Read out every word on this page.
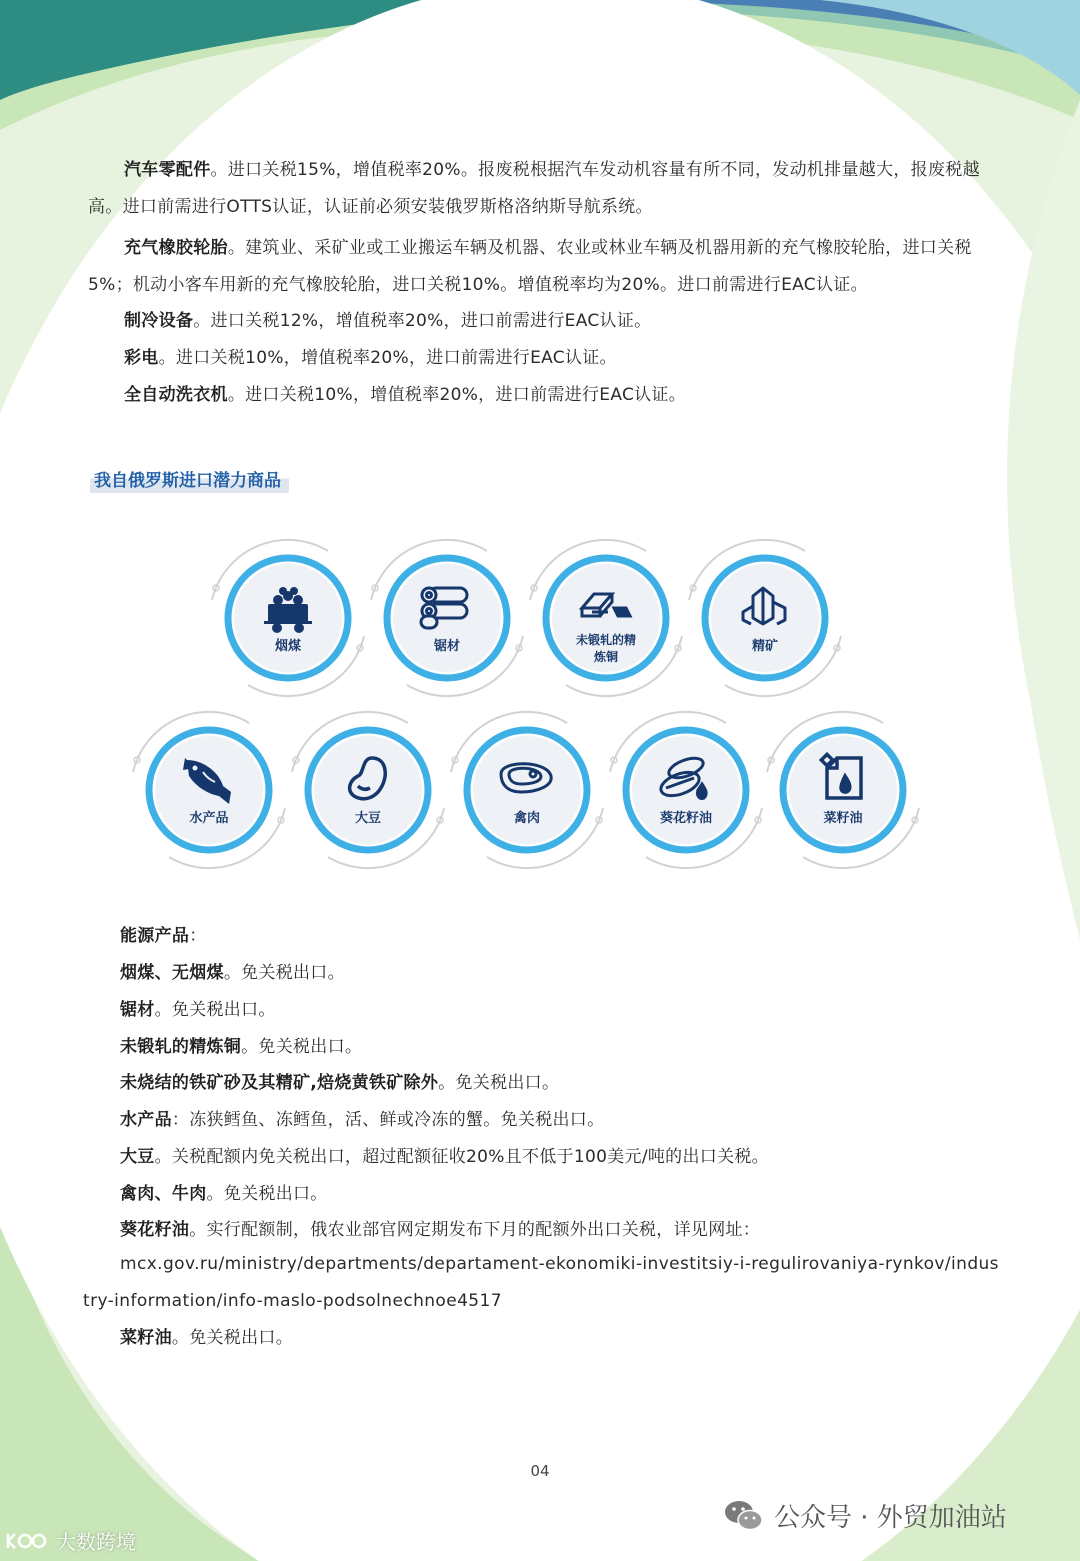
汽车零配件。进口关税15%，增值税率20%。报废税根据汽车发动机容量有所不同，发动机排量越大，报废税越高。进口前需进行OTTS认证，认证前必须安装俄罗斯格洛纳斯导航系统。

充气橡胶轮胎。建筑业、采矿业或工业搬运车辆及机器、农业或林业车辆及机器用新的充气橡胶轮胎，进口关税5%；机动小客车用新的充气橡胶轮胎，进口关税10%。增值税率均为20%。进口前需进行EAC认证。

制冷设备。进口关税12%，增值税率20%，进口前需进行EAC认证。

彩电。进口关税10%，增值税率20%，进口前需进行EAC认证。

全自动洗衣机。进口关税10%，增值税率20%，进口前需进行EAC认证。

我自俄罗斯进口潜力商品
烟煤	锯材	未锻轧的精
炼铜
精矿
水产品	大豆	禽肉	葵花籽油	菜籽油

能源产品：

烟煤、无烟煤。免关税出口。

锯材。免关税出口。

未锻轧的精炼铜。免关税出口。

未烧结的铁矿砂及其精矿,焙烧黄铁矿除外。免关税出口。

水产品：冻狭鳕鱼、冻鳕鱼，活、鲜或冷冻的蟹。免关税出口。

大豆。关税配额内免关税出口，超过配额征收20%且不低于100美元/吨的出口关税。

禽肉、牛肉。免关税出口。

葵花籽油。实行配额制，俄农业部官网定期发布下月的配额外出口关税，详见网址：

mcx.gov.ru/ministry/departments/departament-ekonomiki-investitsiy-i-regulirovaniya-rynkov/indus
try-information/info-maslo-podsolnechnoe4517

菜籽油。免关税出口。

04
大数跨境
公众号 · 外贸加油站
